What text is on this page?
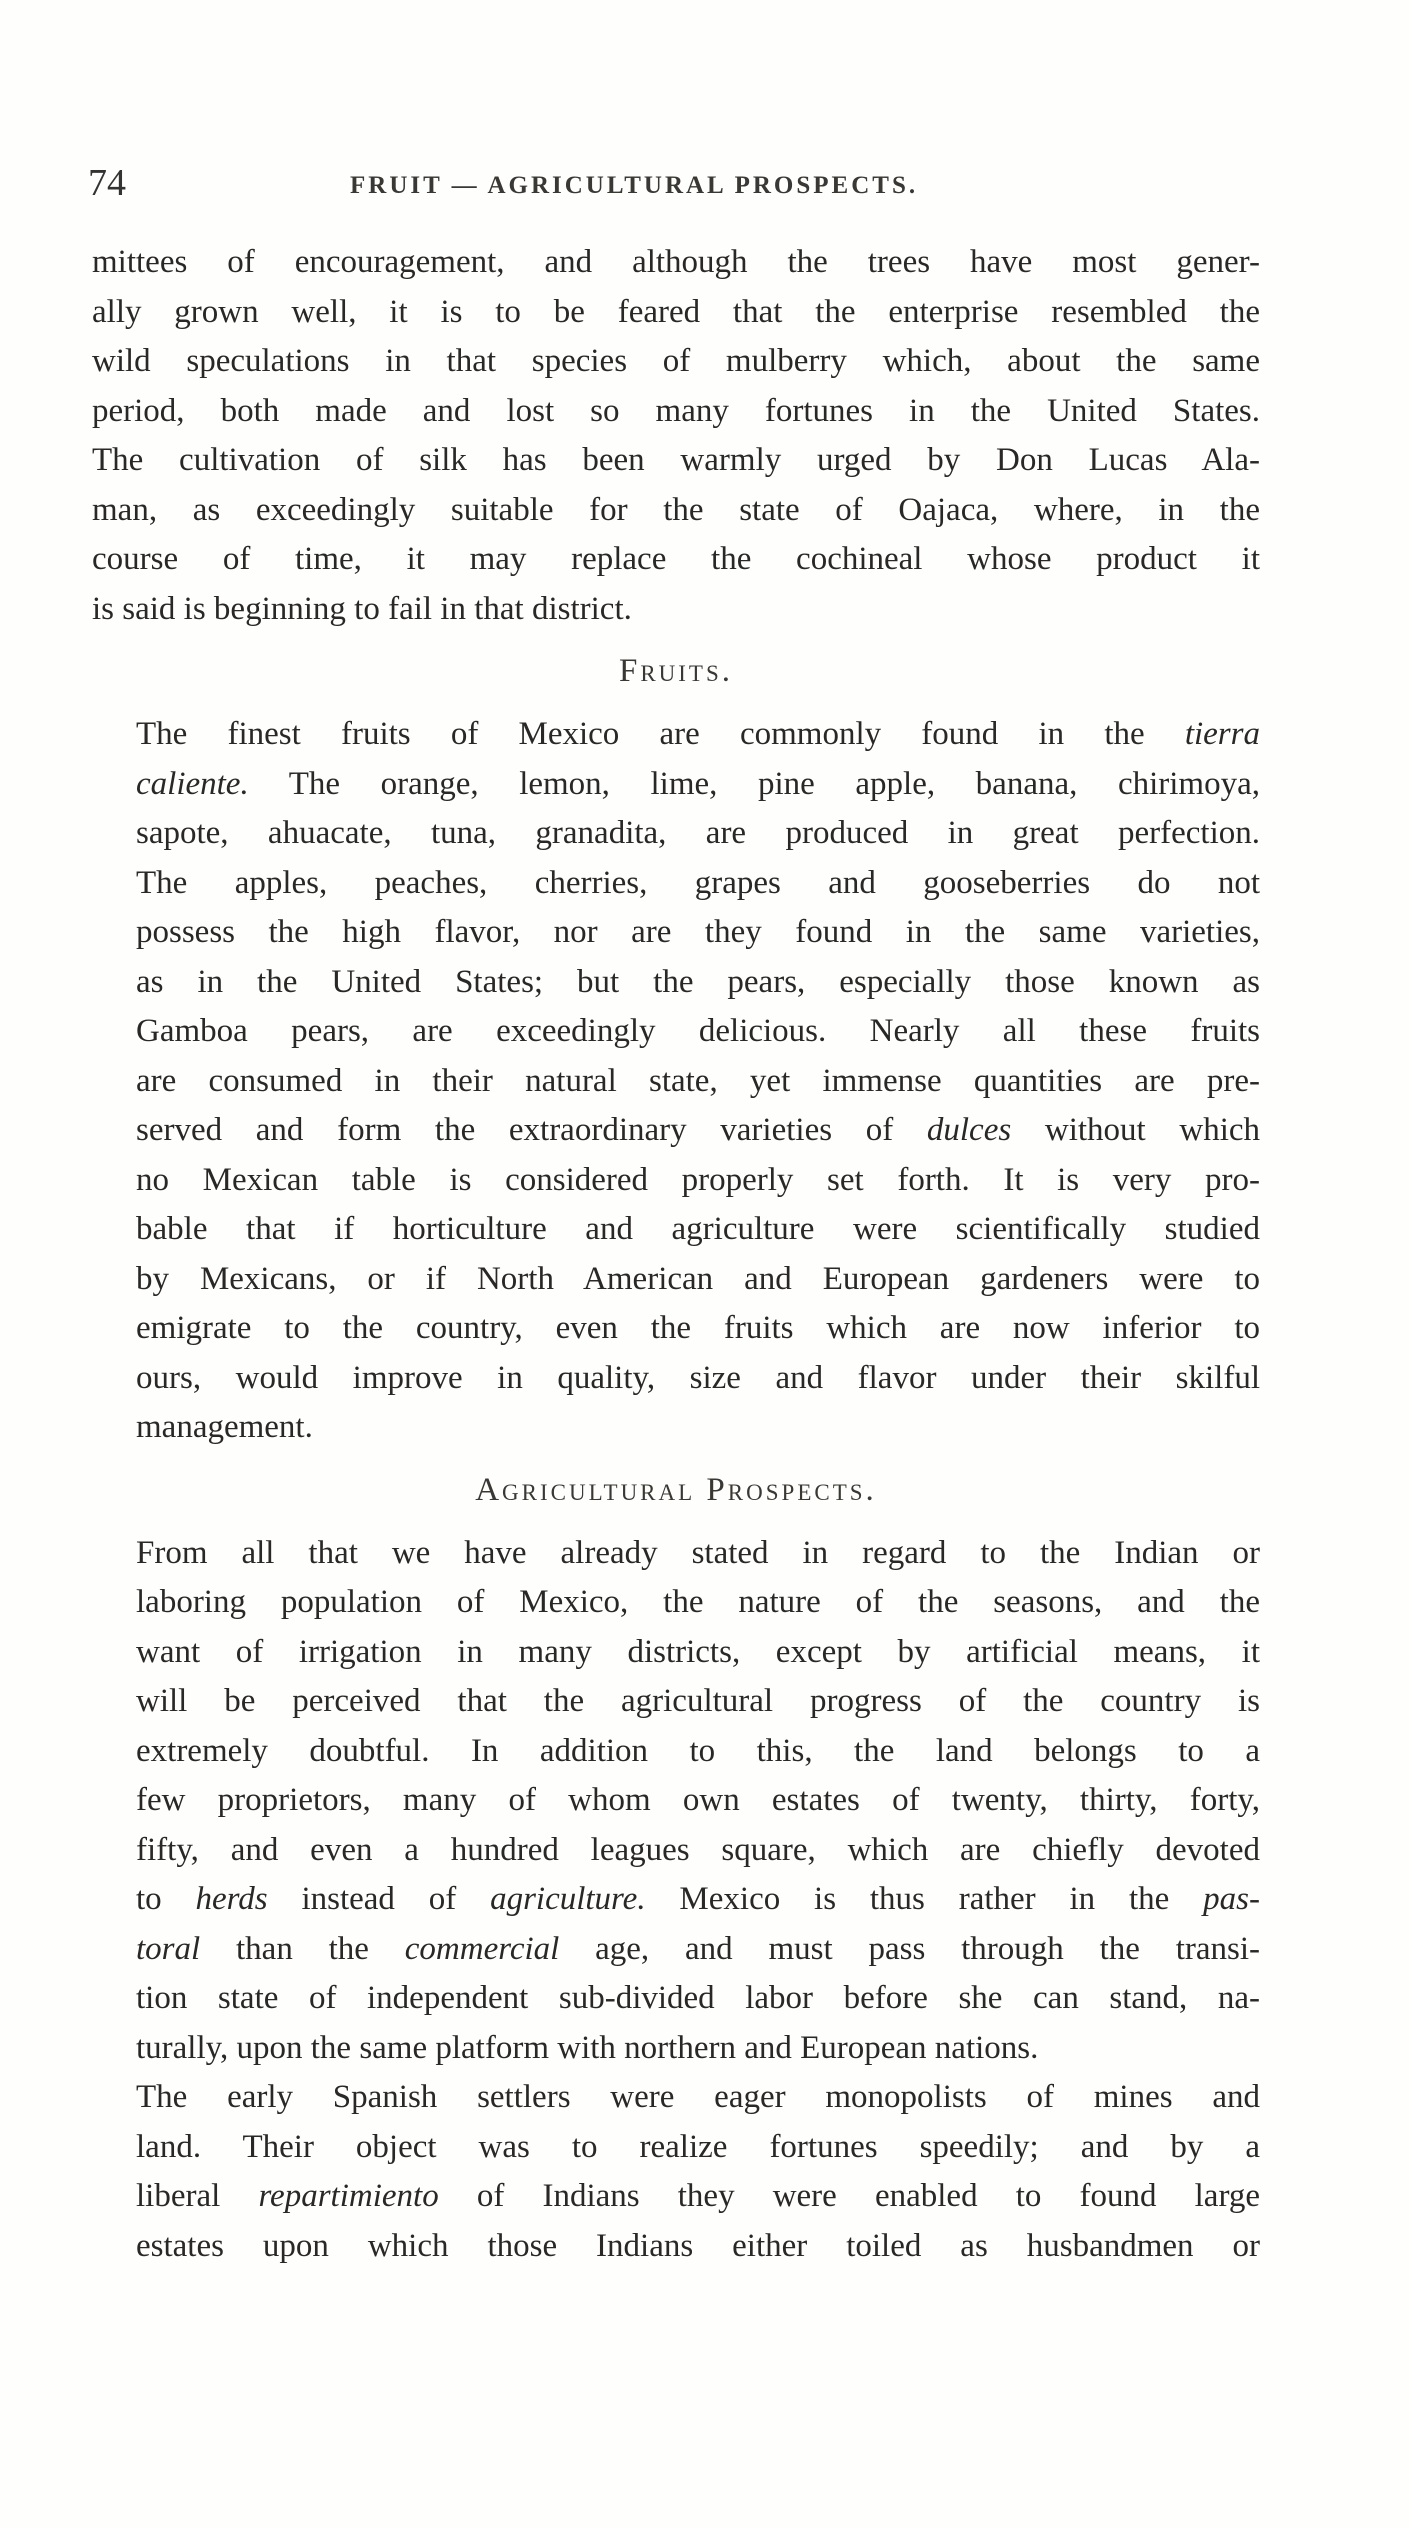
74	FRUIT — AGRICULTURAL PROSPECTS.

mittees of encouragement, and although the trees have most gener-
ally grown well, it is to be feared that the enterprise resembled the
wild speculations in that species of mulberry which, about the same
period, both made and lost so many fortunes in the United States.
The cultivation of silk has been warmly urged by Don Lucas Ala-
man, as exceedingly suitable for the state of Oajaca, where, in the
course of time, it may replace the cochineal whose product it
is said is beginning to fail in that district.

Fruits.

The finest fruits of Mexico are commonly found in the tierra
caliente. The orange, lemon, lime, pine apple, banana, chirimoya,
sapote, ahuacate, tuna, granadita, are produced in great perfection.
The apples, peaches, cherries, grapes and gooseberries do not
possess the high flavor, nor are they found in the same varieties,
as in the United States; but the pears, especially those known as
Gamboa pears, are exceedingly delicious. Nearly all these fruits
are consumed in their natural state, yet immense quantities are pre-
served and form the extraordinary varieties of dulces without which
no Mexican table is considered properly set forth. It is very pro-
bable that if horticulture and agriculture were scientifically studied
by Mexicans, or if North American and European gardeners were to
emigrate to the country, even the fruits which are now inferior to
ours, would improve in quality, size and flavor under their skilful
management.

Agricultural Prospects.

From all that we have already stated in regard to the Indian or
laboring population of Mexico, the nature of the seasons, and the
want of irrigation in many districts, except by artificial means, it
will be perceived that the agricultural progress of the country is
extremely doubtful. In addition to this, the land belongs to a
few proprietors, many of whom own estates of twenty, thirty, forty,
fifty, and even a hundred leagues square, which are chiefly devoted
to herds instead of agriculture. Mexico is thus rather in the pas-
toral than the commercial age, and must pass through the transi-
tion state of independent sub-divided labor before she can stand, na-
turally, upon the same platform with northern and European nations.

The early Spanish settlers were eager monopolists of mines and
land. Their object was to realize fortunes speedily; and by a
liberal repartimiento of Indians they were enabled to found large
estates upon which those Indians either toiled as husbandmen or
